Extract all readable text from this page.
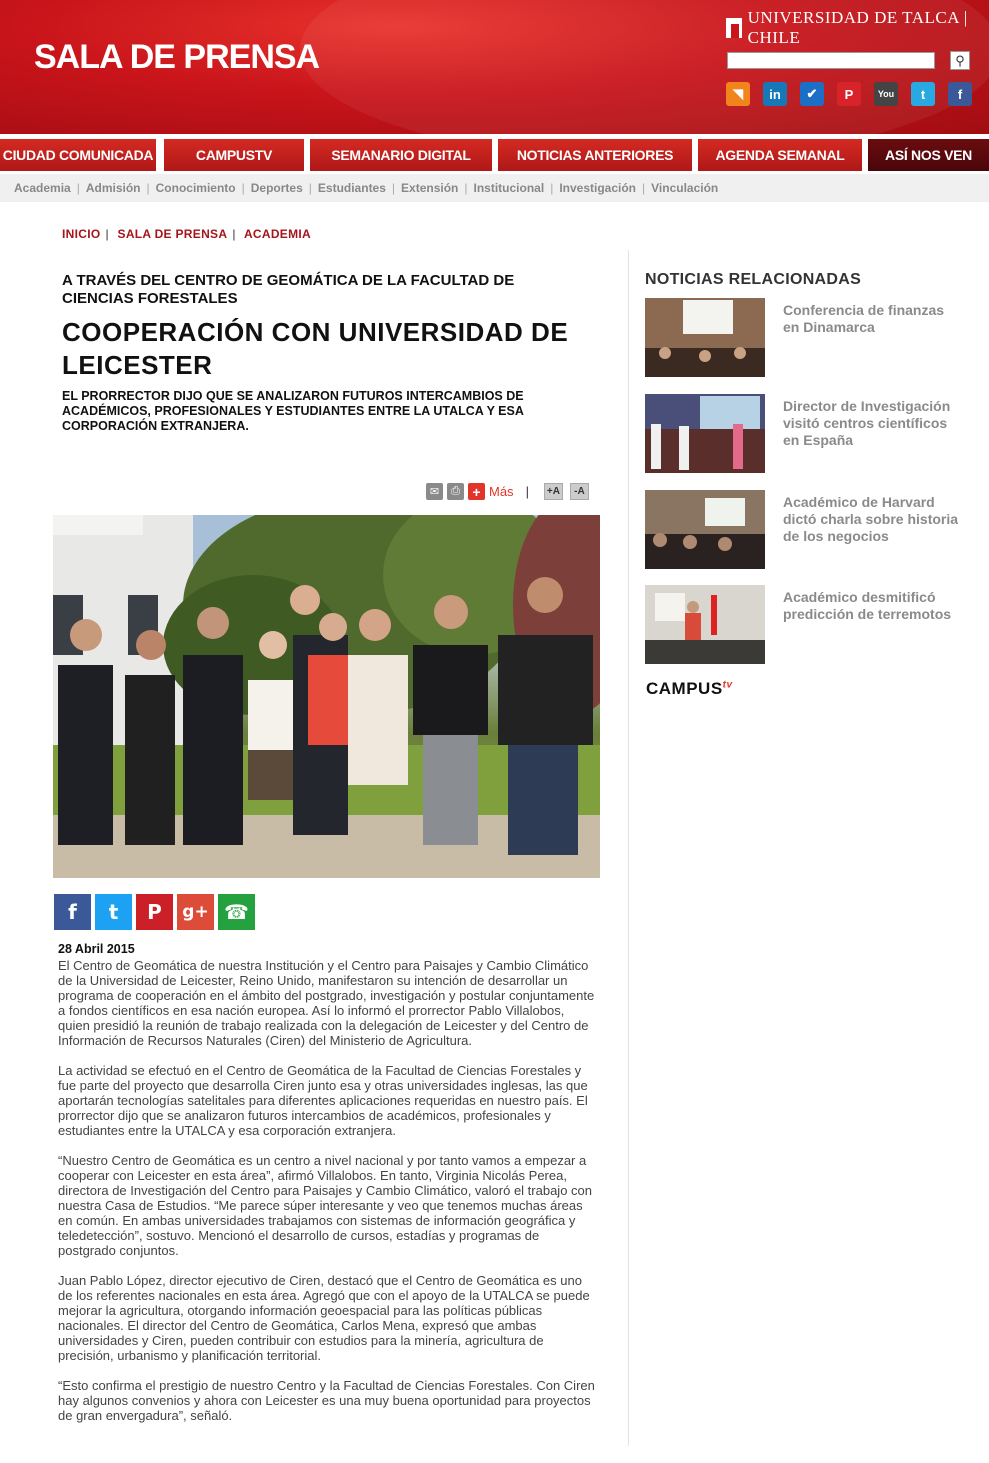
SALA DE PRENSA
UNIVERSIDAD DE TALCA | CHILE
⚲
◥ in ✔ P	You t	f
CIUDAD COMUNICADA	CAMPUSTV	SEMANARIO DIGITAL	NOTICIAS ANTERIORES	AGENDA SEMANAL	ASÍ NOS VEN
Academia | Admisión | Conocimiento | Deportes | Estudiantes | Extensión | Institucional | Investigación | Vinculación
INICIO | SALA DE PRENSA | ACADEMIA
A TRAVÉS DEL CENTRO DE GEOMÁTICA DE LA FACULTAD DE CIENCIAS FORESTALES
COOPERACIÓN CON UNIVERSIDAD DE LEICESTER
EL PRORRECTOR DIJO QUE SE ANALIZARON FUTUROS INTERCAMBIOS DE ACADÉMICOS, PROFESIONALES Y ESTUDIANTES ENTRE LA UTALCA Y ESA CORPORACIÓN EXTRANJERA.
✉	⎙ + Más | +A	-A
f t P g+ ☎
28 Abril 2015

El Centro de Geomática de nuestra Institución y el Centro para Paisajes y Cambio Climático de la Universidad de Leicester, Reino Unido, manifestaron su intención de desarrollar un programa de cooperación en el ámbito del postgrado, investigación y postular conjuntamente a fondos científicos en esa nación europea. Así lo informó el prorrector Pablo Villalobos, quien presidió la reunión de trabajo realizada con la delegación de Leicester y del Centro de Información de Recursos Naturales (Ciren) del Ministerio de Agricultura.

La actividad se efectuó en el Centro de Geomática de la Facultad de Ciencias Forestales y fue parte del proyecto que desarrolla Ciren junto esa y otras universidades inglesas, las que aportarán tecnologías satelitales para diferentes aplicaciones requeridas en nuestro país. El prorrector dijo que se analizaron futuros intercambios de académicos, profesionales y estudiantes entre la UTALCA y esa corporación extranjera.

“Nuestro Centro de Geomática es un centro a nivel nacional y por tanto vamos a empezar a cooperar con Leicester en esta área”, afirmó Villalobos. En tanto, Virginia Nicolás Perea, directora de Investigación del Centro para Paisajes y Cambio Climático, valoró el trabajo con nuestra Casa de Estudios. “Me parece súper interesante y veo que tenemos muchas áreas en común. En ambas universidades trabajamos con sistemas de información geográfica y teledetección”, sostuvo. Mencionó el desarrollo de cursos, estadías y programas de postgrado conjuntos.

Juan Pablo López, director ejecutivo de Ciren, destacó que el Centro de Geomática es uno de los referentes nacionales en esta área. Agregó que con el apoyo de la UTALCA se puede mejorar la agricultura, otorgando información geoespacial para las políticas públicas nacionales. El director del Centro de Geomática, Carlos Mena, expresó que ambas universidades y Ciren, pueden contribuir con estudios para la minería, agricultura de precisión, urbanismo y planificación territorial.

“Esto confirma el prestigio de nuestro Centro y la Facultad de Ciencias Forestales. Con Ciren hay algunos convenios y ahora con Leicester es una muy buena oportunidad para proyectos de gran envergadura”, señaló.

NOTICIAS RELACIONADAS
Conferencia de finanzas en Dinamarca
Director de Investigación visitó centros científicos en España
Académico de Harvard dictó charla sobre historia de los negocios
Académico desmitificó predicción de terremotos
$CAMPUS^{tv}$
